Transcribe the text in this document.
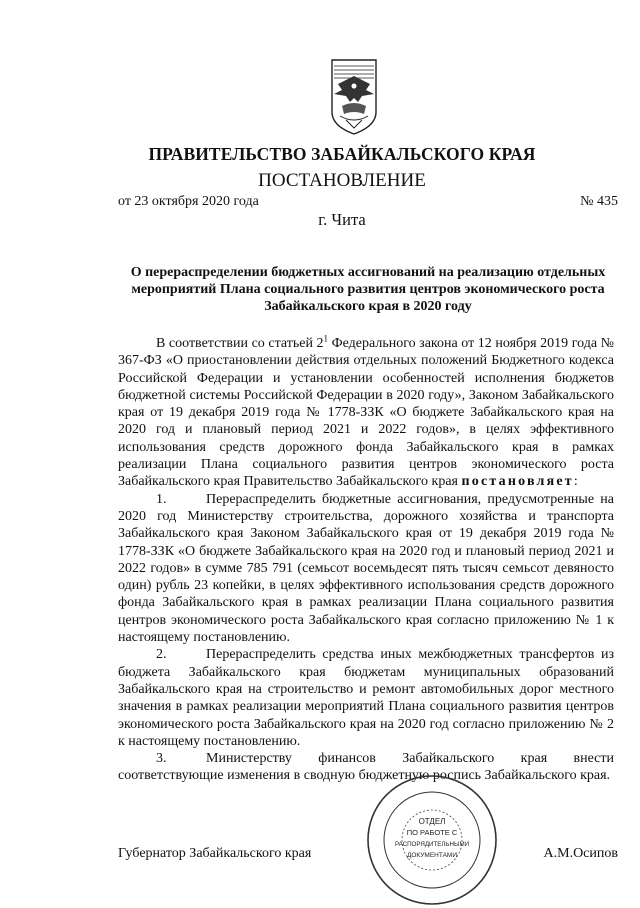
ПРАВИТЕЛЬСТВО ЗАБАЙКАЛЬСКОГО КРАЯ
ПОСТАНОВЛЕНИЕ
от 23 октября 2020 года	№ 435
г. Чита
О перераспределении бюджетных ассигнований на реализацию отдельных мероприятий Плана социального развития центров экономического роста Забайкальского края в 2020 году

В соответствии со статьей $2^1$ Федерального закона от 12 ноября 2019 года № 367-ФЗ «О приостановлении действия отдельных положений Бюджетного кодекса Российской Федерации и установлении особенностей исполнения бюджетов бюджетной системы Российской Федерации в 2020 году», Законом Забайкальского края от 19 декабря 2019 года № 1778-ЗЗК «О бюджете Забайкальского края на 2020 год и плановый период 2021 и 2022 годов», в целях эффективного использования средств дорожного фонда Забайкальского края в рамках реализации Плана социального развития центров экономического роста Забайкальского края Правительство Забайкальского края постановляет:

1.	Перераспределить бюджетные ассигнования, предусмотренные на 2020 год Министерству строительства, дорожного хозяйства и транспорта Забайкальского края Законом Забайкальского края от 19 декабря 2019 года № 1778-ЗЗК «О бюджете Забайкальского края на 2020 год и плановый период 2021 и 2022 годов» в сумме 785 791 (семьсот восемьдесят пять тысяч семьсот девяносто один) рубль 23 копейки, в целях эффективного использования средств дорожного фонда Забайкальского края в рамках реализации Плана социального развития центров экономического роста Забайкальского края согласно приложению № 1 к настоящему постановлению.

2.	Перераспределить средства иных межбюджетных трансфертов из бюджета Забайкальского края бюджетам муниципальных образований Забайкальского края на строительство и ремонт автомобильных дорог местного значения в рамках реализации мероприятий Плана социального развития центров экономического роста Забайкальского края на 2020 год согласно приложению № 2 к настоящему постановлению.

3.	Министерству финансов Забайкальского края внести соответствующие изменения в сводную бюджетную роспись Забайкальского края.

Губернатор Забайкальского края	А.М.Осипов
ОТДЕЛ
ПО РАБОТЕ С
РАСПОРЯДИТЕЛЬНЫМИ
ДОКУМЕНТАМИ
